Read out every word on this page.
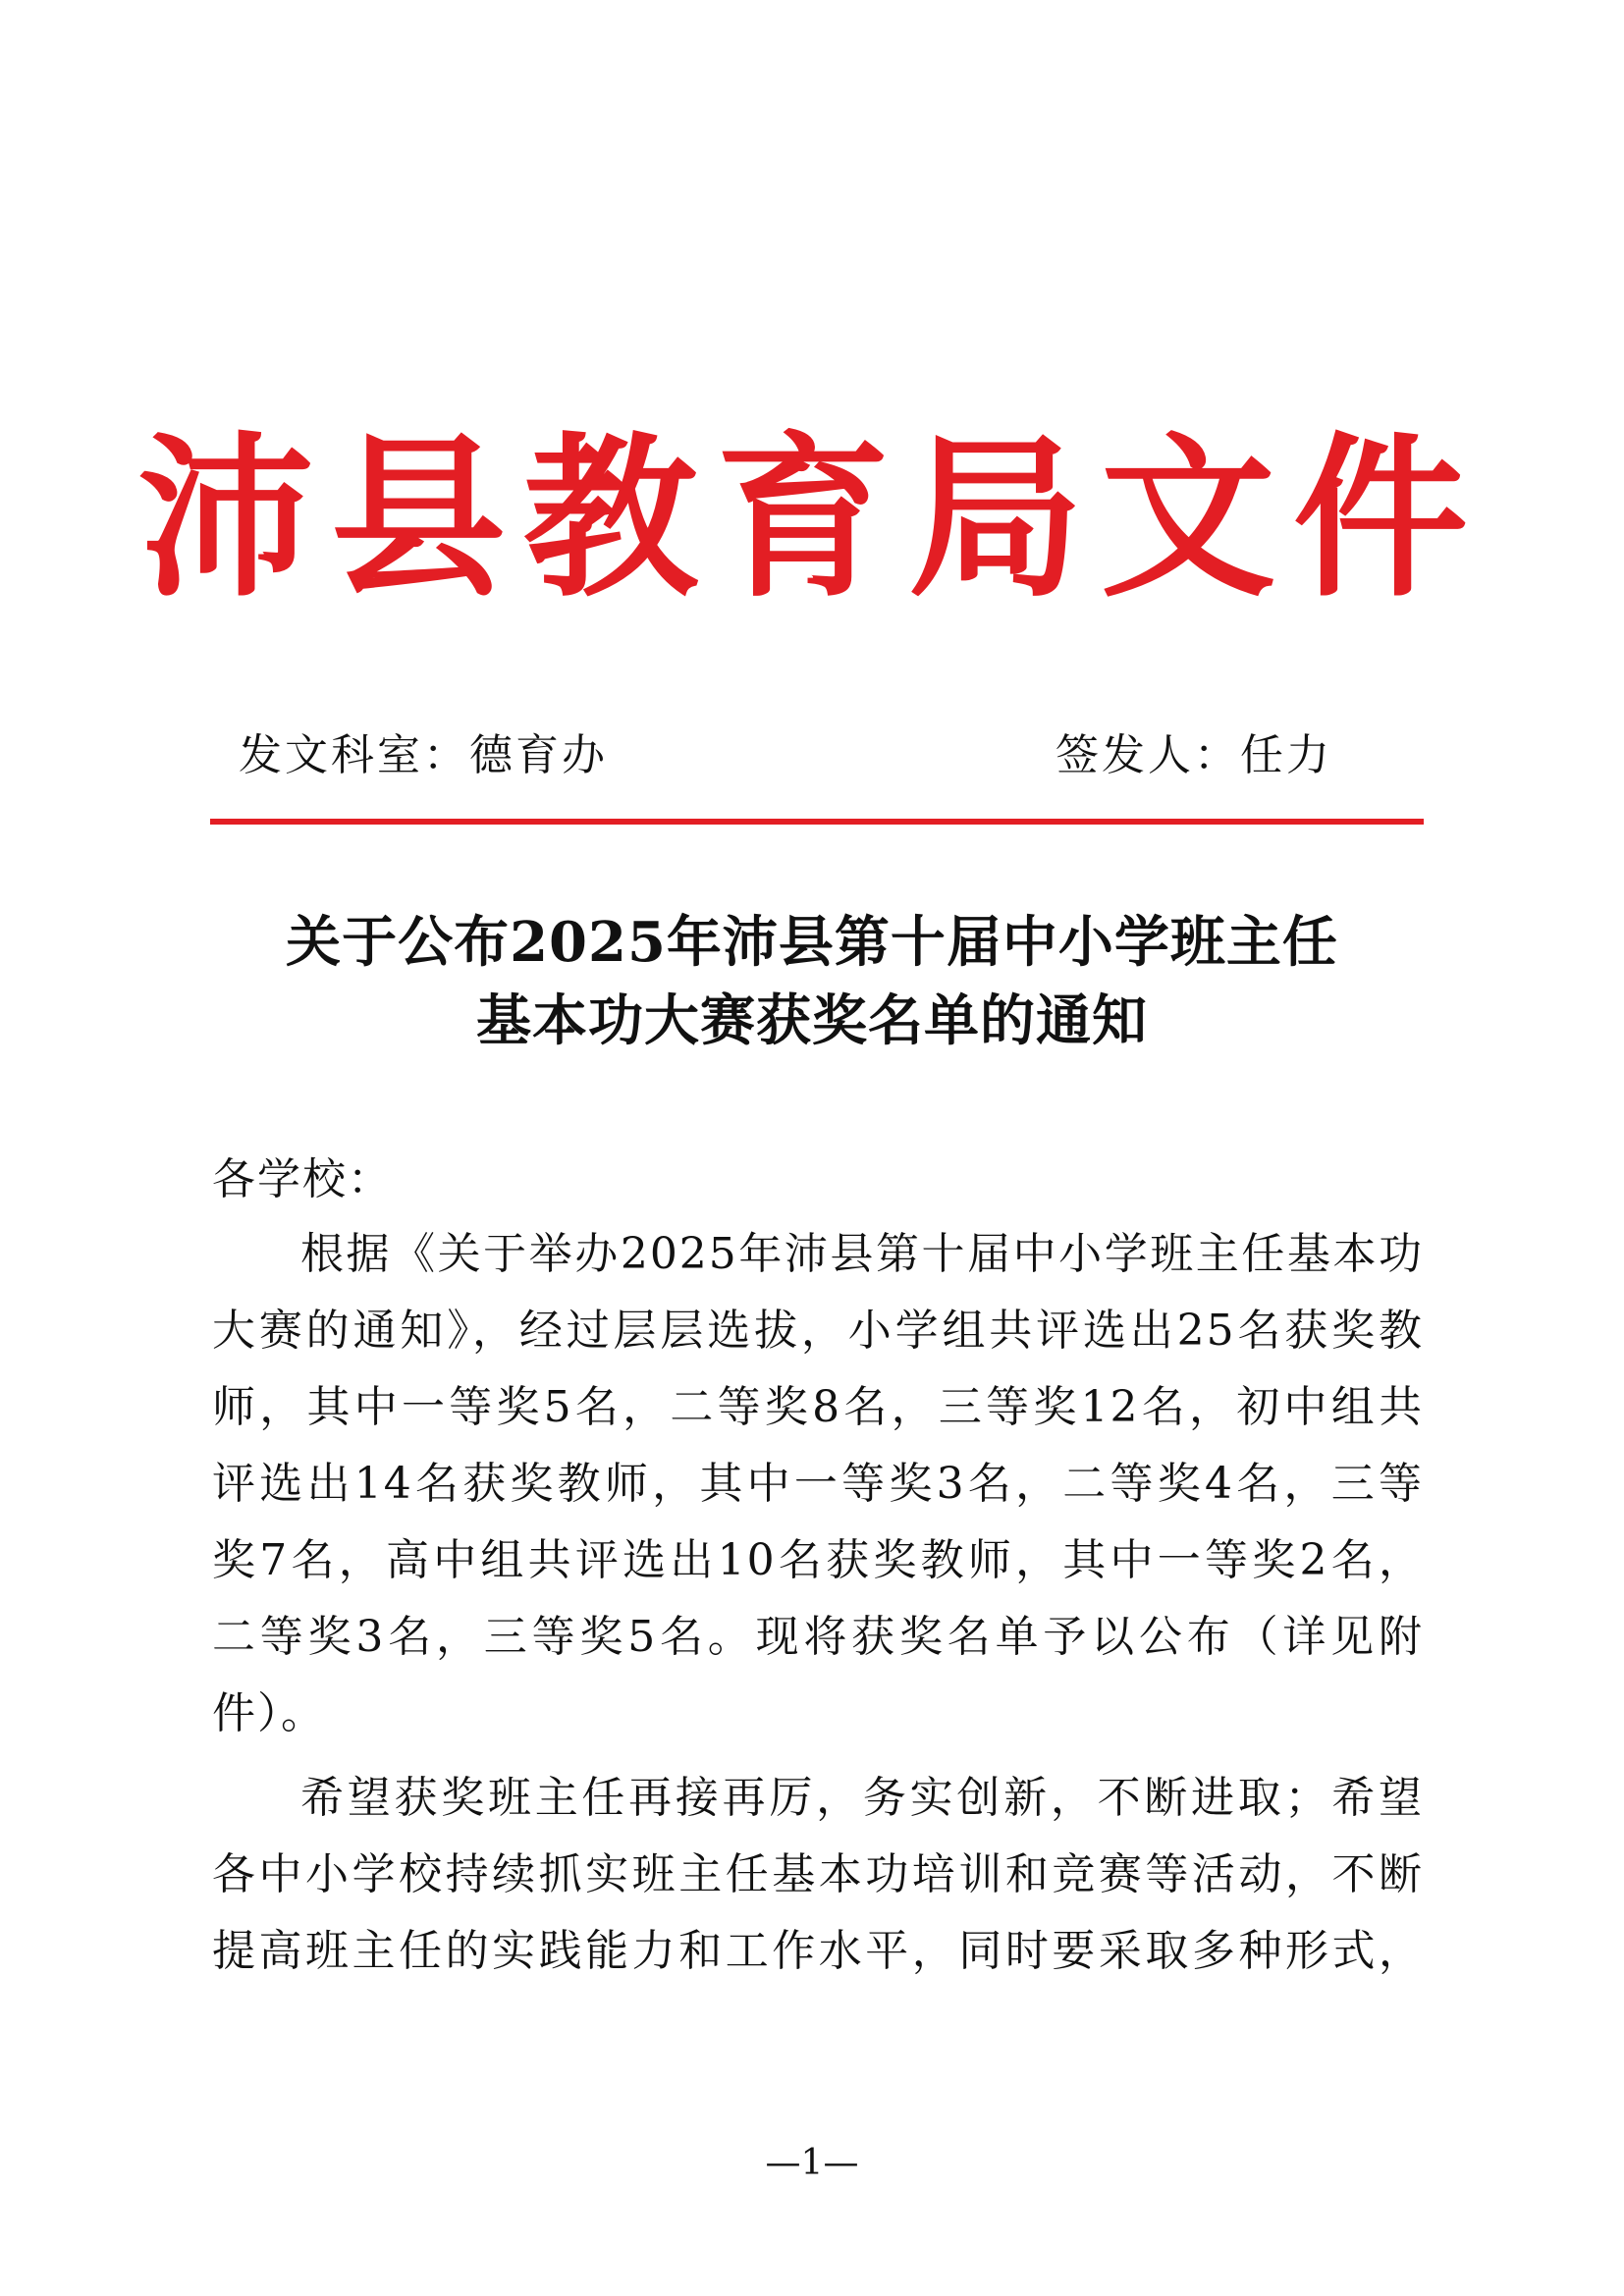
沛县教育局文件
发文科室：德育办	签发人：任力
关于公布2025年沛县第十届中小学班主任
基本功大赛获奖名单的通知
各学校：
根据《关于举办2025年沛县第十届中小学班主任基本功
大赛的通知》，经过层层选拔，小学组共评选出25名获奖教
师，其中一等奖5名，二等奖8名，三等奖12名，初中组共
评选出14名获奖教师，其中一等奖3名，二等奖4名，三等
奖7名，高中组共评选出10名获奖教师，其中一等奖2名，
二等奖3名，三等奖5名。现将获奖名单予以公布（详见附
件）。
希望获奖班主任再接再厉，务实创新，不断进取；希望
各中小学校持续抓实班主任基本功培训和竞赛等活动，不断
提高班主任的实践能力和工作水平，同时要采取多种形式，
—1—
